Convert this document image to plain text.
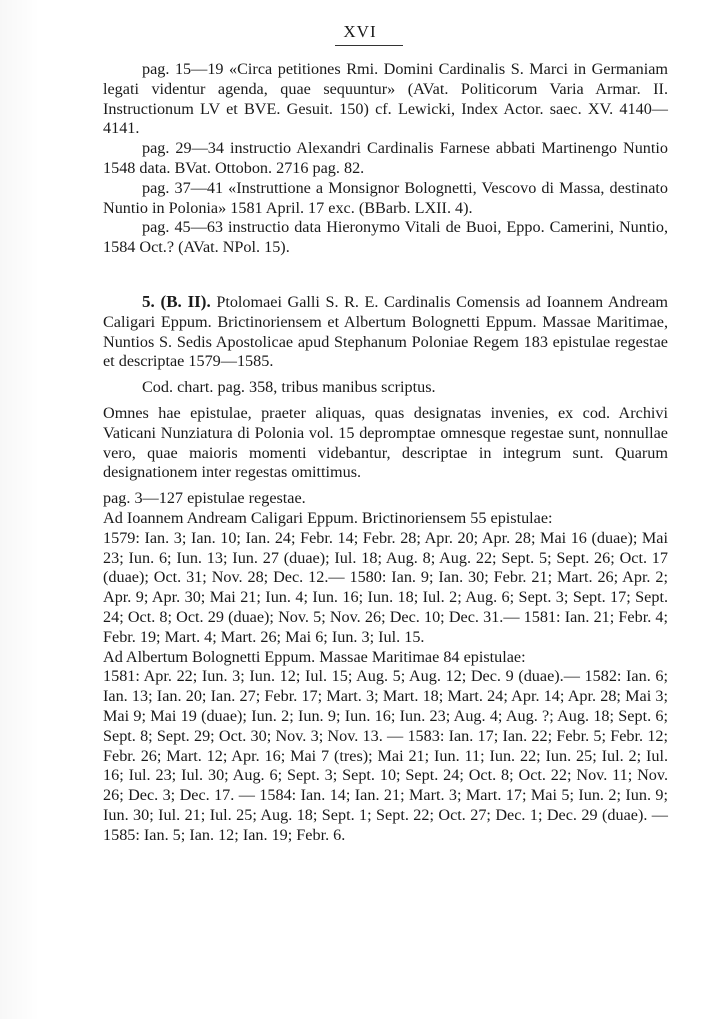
XVI

pag. 15—19 «Circa petitiones Rmi. Domini Cardinalis S. Marci in Germaniam legati videntur agenda, quae sequuntur» (AVat. Politicorum Varia Armar. II. Instructionum LV et BVE. Gesuit. 150) cf. Lewicki, Index Actor. saec. XV. 4140—4141.

pag. 29—34 instructio Alexandri Cardinalis Farnese abbati Martinengo Nuntio 1548 data. BVat. Ottobon. 2716 pag. 82.

pag. 37—41 «Instruttione a Monsignor Bolognetti, Vescovo di Massa, destinato Nuntio in Polonia» 1581 April. 17 exc. (BBarb. LXII. 4).

pag. 45—63 instructio data Hieronymo Vitali de Buoi, Eppo. Camerini, Nuntio, 1584 Oct.? (AVat. NPol. 15).

5. (B. II). Ptolomaei Galli S. R. E. Cardinalis Comensis ad Ioannem Andream Caligari Eppum. Brictinoriensem et Albertum Bolognetti Eppum. Massae Maritimae, Nuntios S. Sedis Apostolicae apud Stephanum Poloniae Regem 183 epistulae regestae et descriptae 1579—1585.

Cod. chart. pag. 358, tribus manibus scriptus.

Omnes hae epistulae, praeter aliquas, quas designatas invenies, ex cod. Archivi Vaticani Nunziatura di Polonia vol. 15 depromptae omnesque regestae sunt, nonnullae vero, quae maioris momenti videbantur, descriptae in integrum sunt. Quarum designationem inter regestas omittimus.

pag. 3—127 epistulae regestae.

Ad Ioannem Andream Caligari Eppum. Brictinoriensem 55 epistulae:

1579: Ian. 3; Ian. 10; Ian. 24; Febr. 14; Febr. 28; Apr. 20; Apr. 28; Mai 16 (duae); Mai 23; Iun. 6; Iun. 13; Iun. 27 (duae); Iul. 18; Aug. 8; Aug. 22; Sept. 5; Sept. 26; Oct. 17 (duae); Oct. 31; Nov. 28; Dec. 12.— 1580: Ian. 9; Ian. 30; Febr. 21; Mart. 26; Apr. 2; Apr. 9; Apr. 30; Mai 21; Iun. 4; Iun. 16; Iun. 18; Iul. 2; Aug. 6; Sept. 3; Sept. 17; Sept. 24; Oct. 8; Oct. 29 (duae); Nov. 5; Nov. 26; Dec. 10; Dec. 31.— 1581: Ian. 21; Febr. 4; Febr. 19; Mart. 4; Mart. 26; Mai 6; Iun. 3; Iul. 15.

Ad Albertum Bolognetti Eppum. Massae Maritimae 84 epistulae:

1581: Apr. 22; Iun. 3; Iun. 12; Iul. 15; Aug. 5; Aug. 12; Dec. 9 (duae).— 1582: Ian. 6; Ian. 13; Ian. 20; Ian. 27; Febr. 17; Mart. 3; Mart. 18; Mart. 24; Apr. 14; Apr. 28; Mai 3; Mai 9; Mai 19 (duae); Iun. 2; Iun. 9; Iun. 16; Iun. 23; Aug. 4; Aug. ?; Aug. 18; Sept. 6; Sept. 8; Sept. 29; Oct. 30; Nov. 3; Nov. 13. — 1583: Ian. 17; Ian. 22; Febr. 5; Febr. 12; Febr. 26; Mart. 12; Apr. 16; Mai 7 (tres); Mai 21; Iun. 11; Iun. 22; Iun. 25; Iul. 2; Iul. 16; Iul. 23; Iul. 30; Aug. 6; Sept. 3; Sept. 10; Sept. 24; Oct. 8; Oct. 22; Nov. 11; Nov. 26; Dec. 3; Dec. 17. — 1584: Ian. 14; Ian. 21; Mart. 3; Mart. 17; Mai 5; Iun. 2; Iun. 9; Iun. 30; Iul. 21; Iul. 25; Aug. 18; Sept. 1; Sept. 22; Oct. 27; Dec. 1; Dec. 29 (duae). — 1585: Ian. 5; Ian. 12; Ian. 19; Febr. 6.
